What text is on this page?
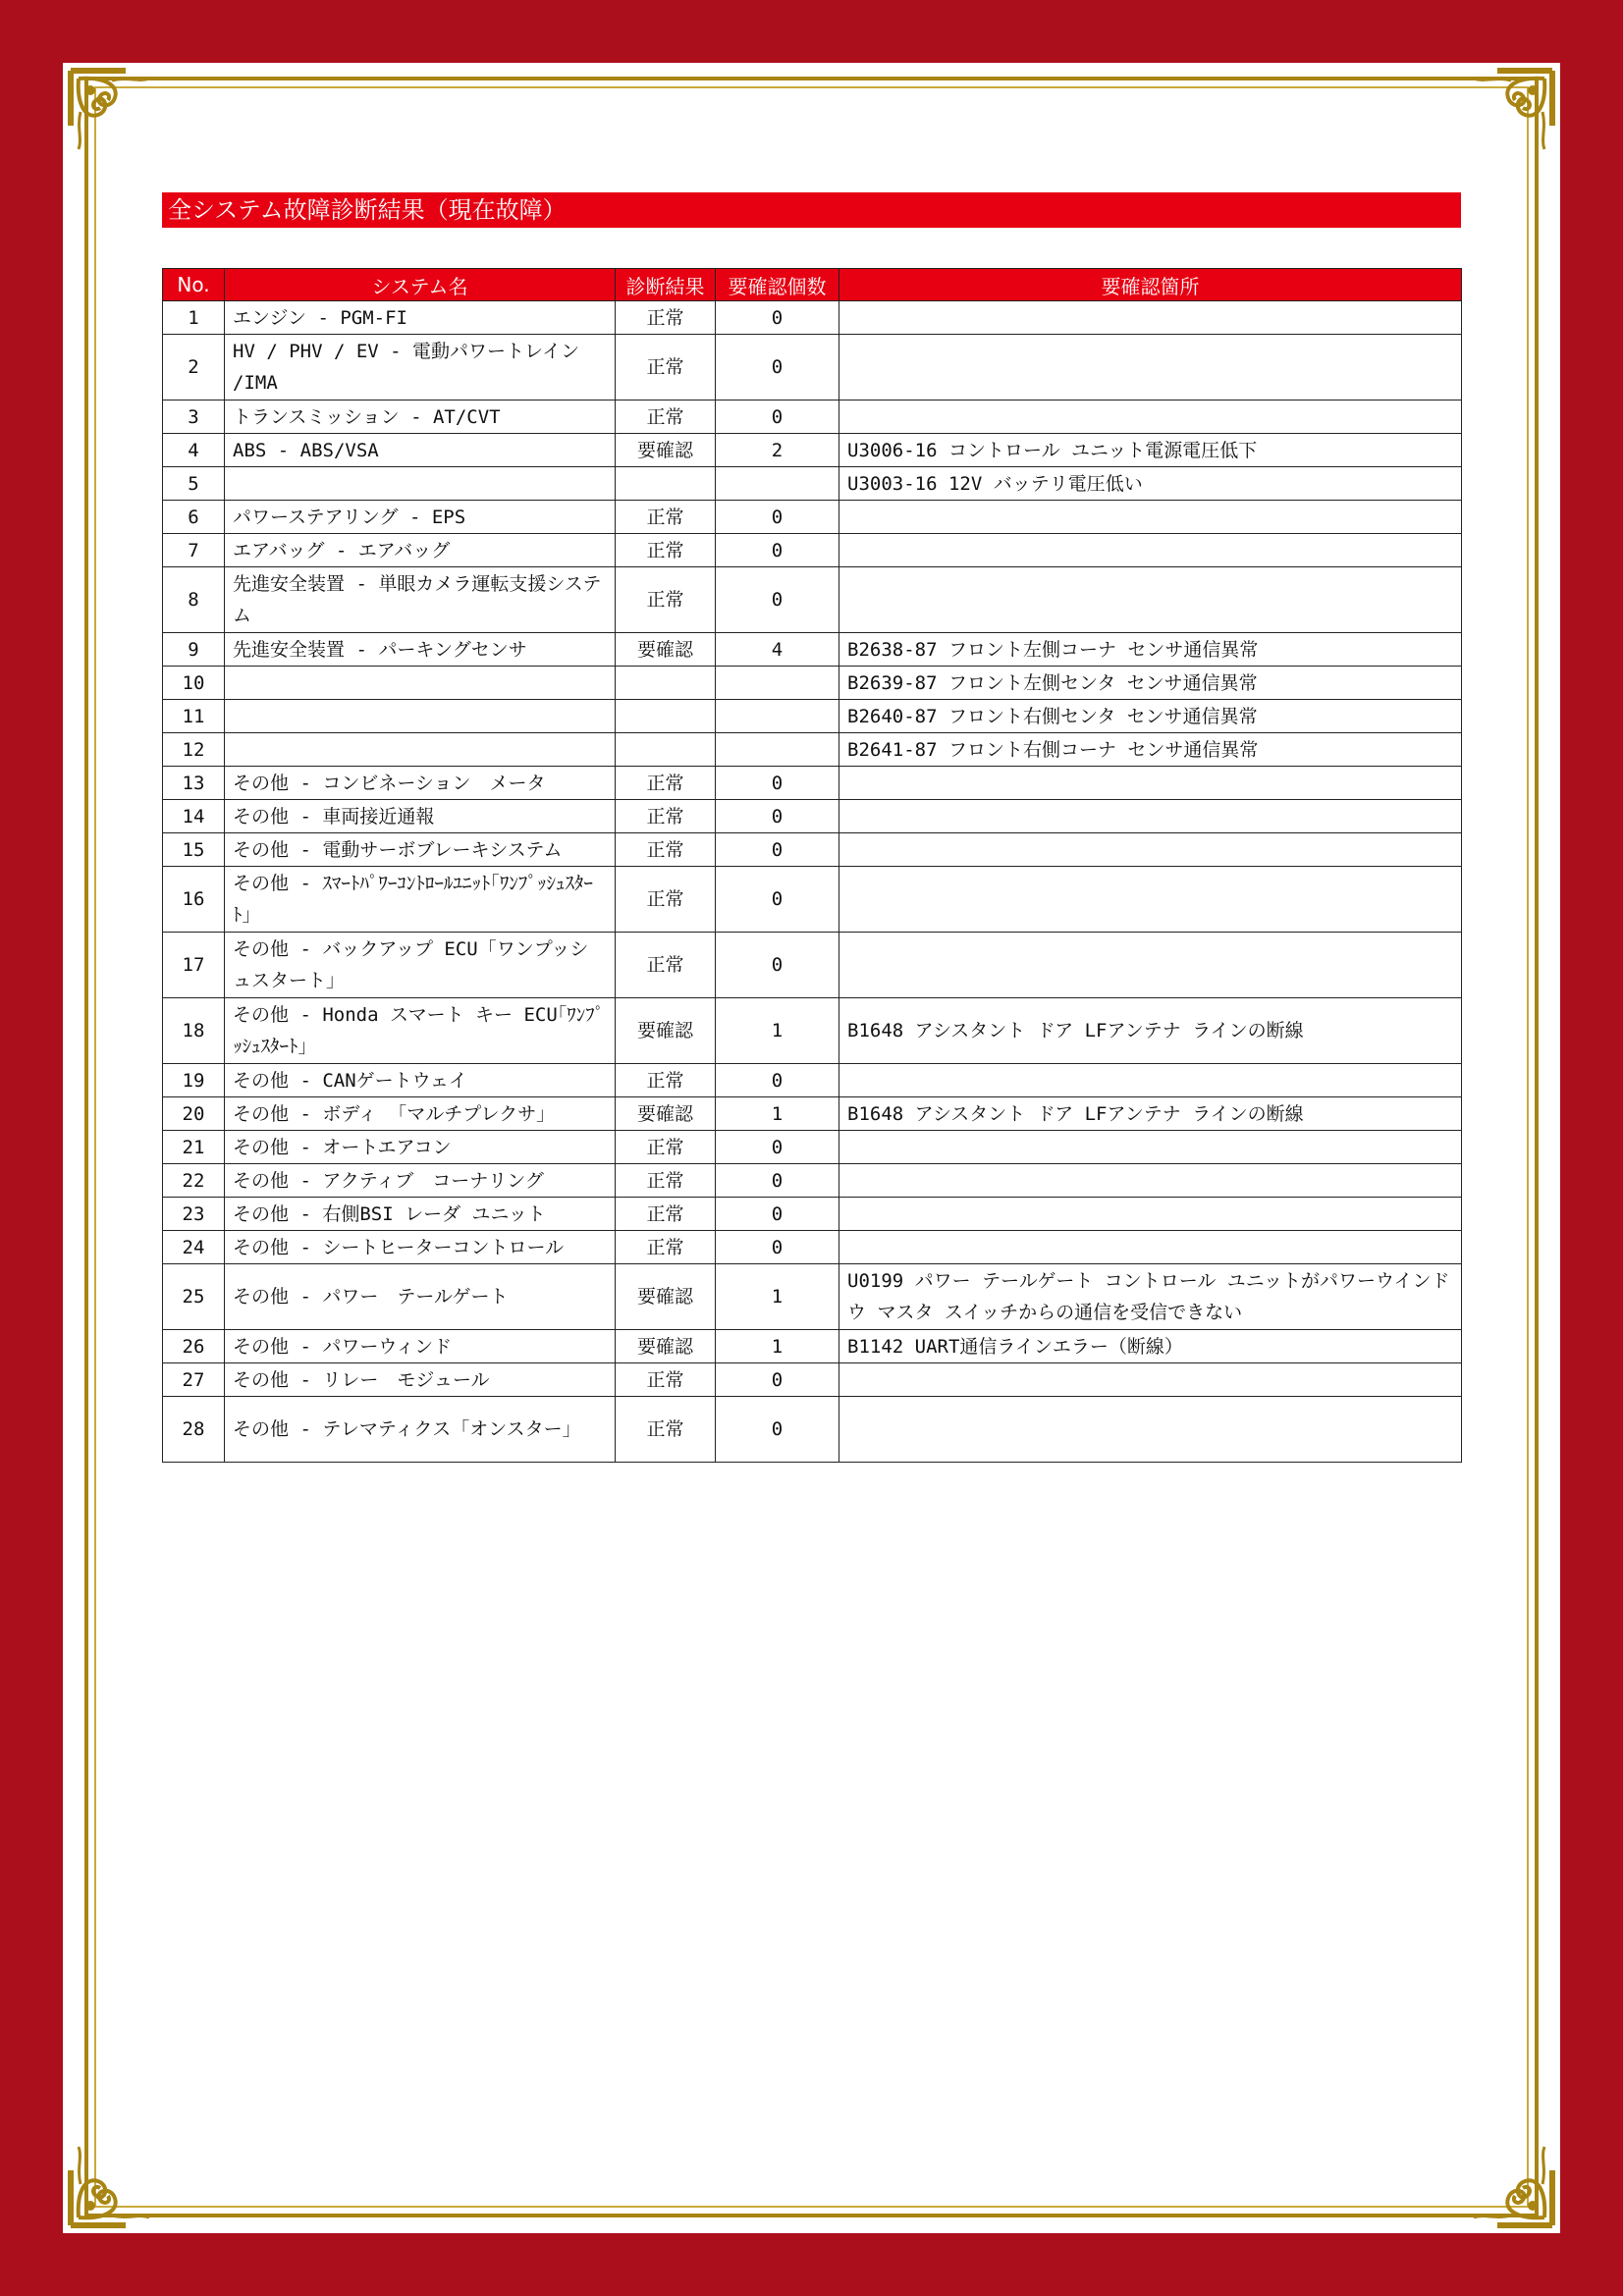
全システム故障診断結果（現在故障）
No.	システム名	診断結果	要確認個数	要確認箇所
1	エンジン - PGM-FI	正常	0	
2	HV / PHV / EV - 電動パワートレイン /IMA	正常	0	
3	トランスミッション - AT/CVT	正常	0	
4	ABS - ABS/VSA	要確認	2	U3006-16 コントロール ユニット電源電圧低下
5				U3003-16 12V バッテリ電圧低い
6	パワーステアリング - EPS	正常	0	
7	エアバッグ - エアバッグ	正常	0	
8	先進安全装置 - 単眼カメラ運転支援システム	正常	0	
9	先進安全装置 - パーキングセンサ	要確認	4	B2638-87 フロント左側コーナ センサ通信異常
10				B2639-87 フロント左側センタ センサ通信異常
11				B2640-87 フロント右側センタ センサ通信異常
12				B2641-87 フロント右側コーナ センサ通信異常
13	その他 - コンビネーション　メータ	正常	0	
14	その他 - 車両接近通報	正常	0	
15	その他 - 電動サーボブレーキシステム	正常	0	
16	その他 - ｽﾏｰﾄﾊﾟﾜｰｺﾝﾄﾛｰﾙﾕﾆｯﾄ｢ﾜﾝﾌﾟｯｼｭｽﾀｰﾄ｣	正常	0	
17	その他 - バックアップ ECU「ワンプッシュスタート」	正常	0	
18	その他 - Honda スマート キー ECU｢ﾜﾝﾌﾟｯｼｭｽﾀｰﾄ｣	要確認	1	B1648 アシスタント ドア LFアンテナ ラインの断線
19	その他 - CANゲートウェイ	正常	0	
20	その他 - ボディ 「マルチプレクサ」	要確認	1	B1648 アシスタント ドア LFアンテナ ラインの断線
21	その他 - オートエアコン	正常	0	
22	その他 - アクティブ　コーナリング	正常	0	
23	その他 - 右側BSI レーダ ユニット	正常	0	
24	その他 - シートヒーターコントロール	正常	0	
25	その他 - パワー　テールゲート	要確認	1	U0199 パワー テールゲート コントロール ユニットがパワーウインドウ マスタ スイッチからの通信を受信できない
26	その他 - パワーウィンド	要確認	1	B1142 UART通信ラインエラー（断線）
27	その他 - リレー　モジュール	正常	0	
28	その他 - テレマティクス「オンスター」	正常	0	
